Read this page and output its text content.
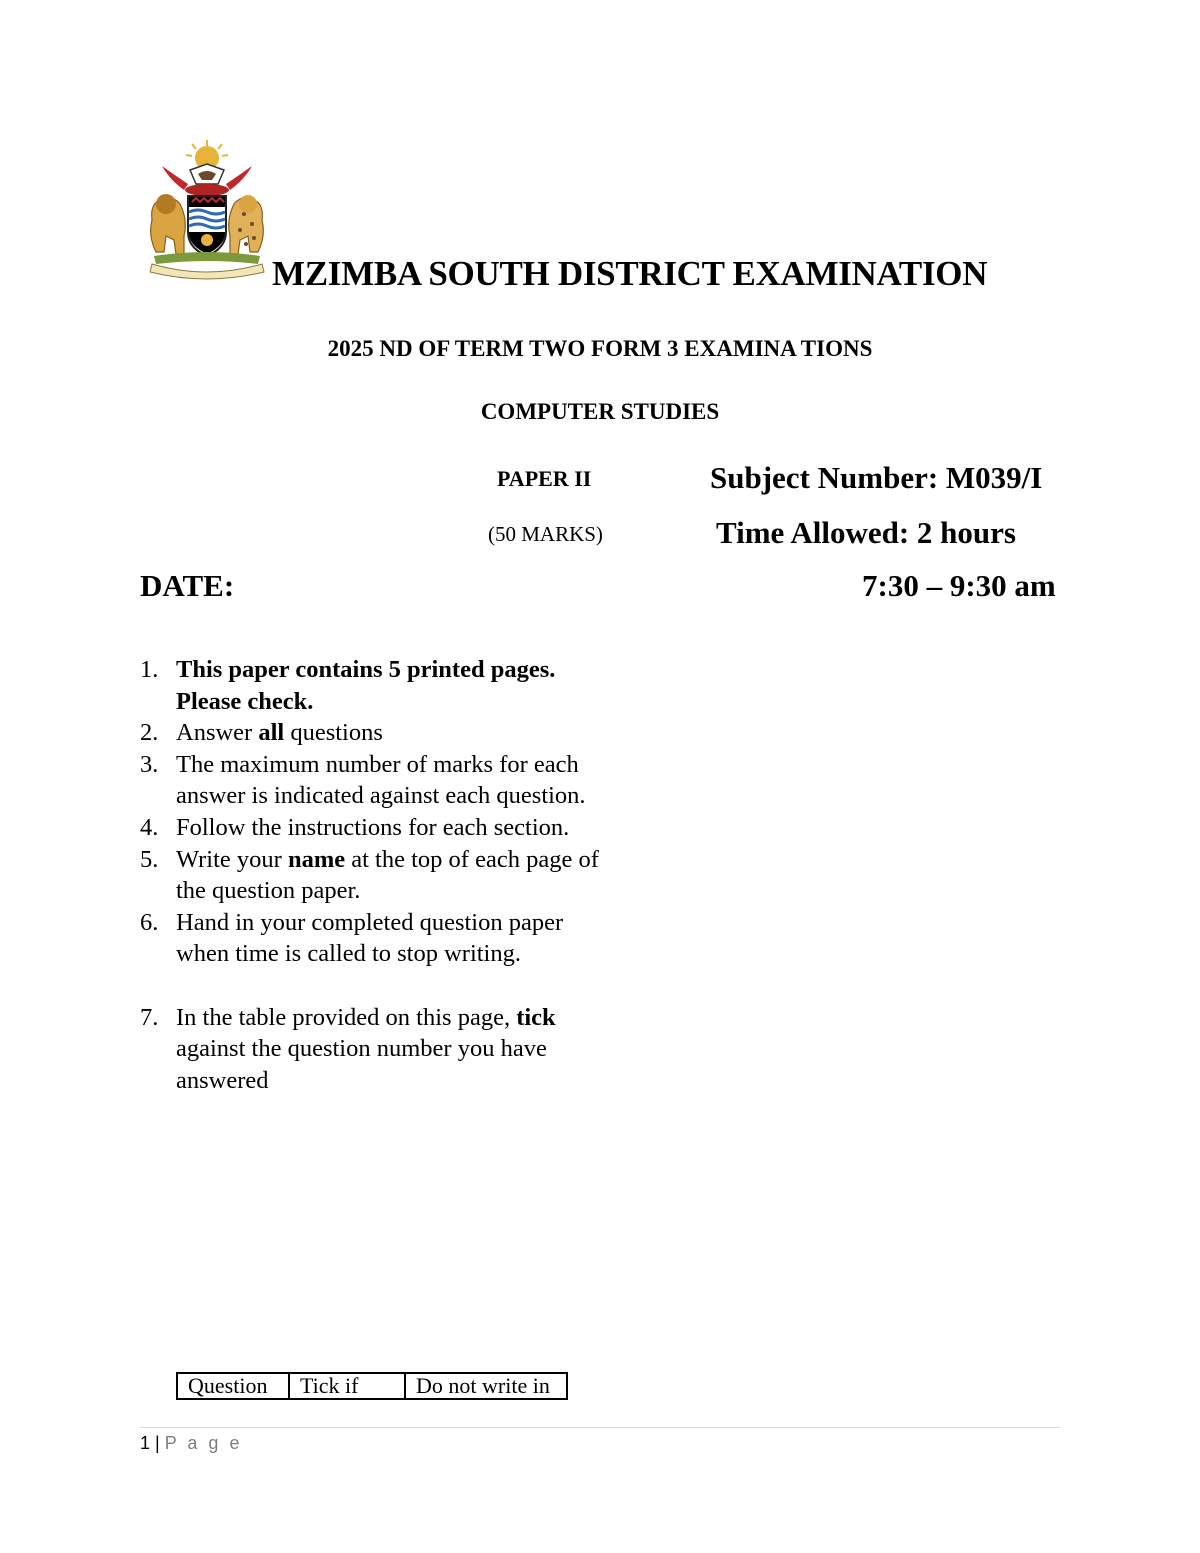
MZIMBA SOUTH DISTRICT EXAMINATION
2025 ND OF TERM TWO FORM 3 EXAMINA TIONS
COMPUTER STUDIES
PAPER II
(50 MARKS)
Subject Number: M039/I
Time Allowed: 2 hours
DATE:	7:30 – 9:30 am
1. This paper contains 5 printed pages. Please check.
2. Answer all questions
3. The maximum number of marks for each answer is indicated against each question.
4. Follow the instructions for each section.
5. Write your name at the top of each page of the question paper.
6. Hand in your completed question paper when time is called to stop writing.
7. In the table provided on this page, tick against the question number you have answered
Question	Tick if	Do not write in
1 | P a g e
